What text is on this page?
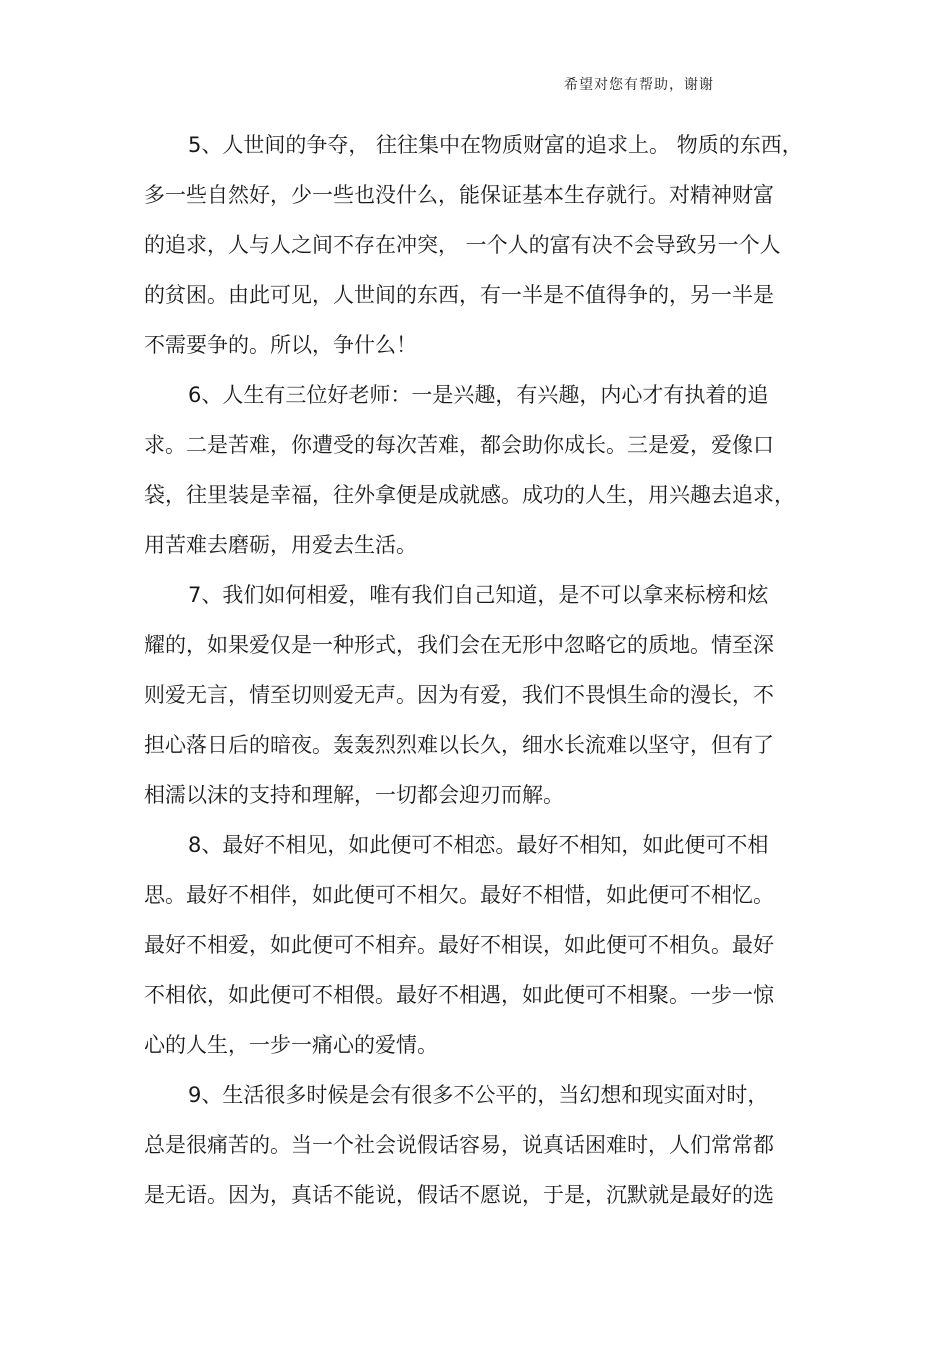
希望对您有帮助，谢谢
5、人世间的争夺， 往往集中在物质财富的追求上。 物质的东西，
多一些自然好，少一些也没什么，能保证基本生存就行。对精神财富
的追求，人与人之间不存在冲突， 一个人的富有决不会导致另一个人
的贫困。由此可见，人世间的东西，有一半是不值得争的，另一半是
不需要争的。所以，争什么！
6、人生有三位好老师：一是兴趣，有兴趣，内心才有执着的追
求。二是苦难，你遭受的每次苦难，都会助你成长。三是爱，爱像口
袋，往里装是幸福，往外拿便是成就感。成功的人生，用兴趣去追求，
用苦难去磨砺，用爱去生活。
7、我们如何相爱，唯有我们自己知道，是不可以拿来标榜和炫
耀的，如果爱仅是一种形式，我们会在无形中忽略它的质地。情至深
则爱无言，情至切则爱无声。因为有爱，我们不畏惧生命的漫长，不
担心落日后的暗夜。轰轰烈烈难以长久，细水长流难以坚守，但有了
相濡以沫的支持和理解，一切都会迎刃而解。
8、最好不相见，如此便可不相恋。最好不相知，如此便可不相
思。最好不相伴，如此便可不相欠。最好不相惜，如此便可不相忆。
最好不相爱，如此便可不相弃。最好不相误，如此便可不相负。最好
不相依，如此便可不相偎。最好不相遇，如此便可不相聚。一步一惊
心的人生，一步一痛心的爱情。
9、生活很多时候是会有很多不公平的，当幻想和现实面对时，
总是很痛苦的。当一个社会说假话容易，说真话困难时，人们常常都
是无语。因为，真话不能说，假话不愿说，于是，沉默就是最好的选
